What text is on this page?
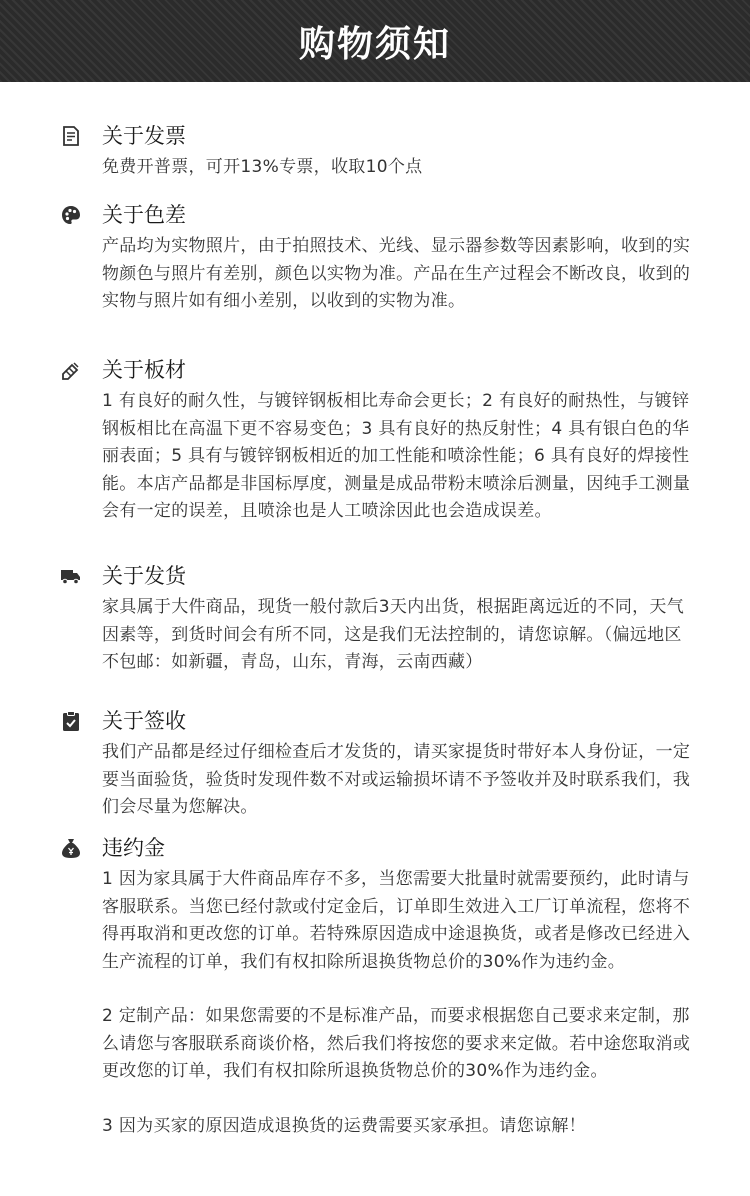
购物须知
关于发票

免费开普票，可开13%专票，收取10个点

关于色差

产品均为实物照片，由于拍照技术、光线、显示器参数等因素影响，收到的实物颜色与照片有差别，颜色以实物为准。产品在生产过程会不断改良，收到的实物与照片如有细小差别，以收到的实物为准。

关于板材

1 有良好的耐久性，与镀锌钢板相比寿命会更长；2 有良好的耐热性，与镀锌钢板相比在高温下更不容易变色；3 具有良好的热反射性；4 具有银白色的华丽表面；5 具有与镀锌钢板相近的加工性能和喷涂性能；6 具有良好的焊接性能。本店产品都是非国标厚度，测量是成品带粉末喷涂后测量，因纯手工测量会有一定的误差，且喷涂也是人工喷涂因此也会造成误差。

关于发货

家具属于大件商品，现货一般付款后3天内出货，根据距离远近的不同，天气因素等，到货时间会有所不同，这是我们无法控制的，请您谅解。（偏远地区不包邮：如新疆，青岛，山东，青海，云南西藏）

关于签收

我们产品都是经过仔细检查后才发货的，请买家提货时带好本人身份证，一定要当面验货，验货时发现件数不对或运输损坏请不予签收并及时联系我们，我们会尽量为您解决。

违约金

1 因为家具属于大件商品库存不多，当您需要大批量时就需要预约，此时请与客服联系。当您已经付款或付定金后，订单即生效进入工厂订单流程，您将不得再取消和更改您的订单。若特殊原因造成中途退换货，或者是修改已经进入生产流程的订单，我们有权扣除所退换货物总价的30%作为违约金。

2 定制产品：如果您需要的不是标准产品，而要求根据您自己要求来定制，那么请您与客服联系商谈价格，然后我们将按您的要求来定做。若中途您取消或更改您的订单，我们有权扣除所退换货物总价的30%作为违约金。

3 因为买家的原因造成退换货的运费需要买家承担。请您谅解！
